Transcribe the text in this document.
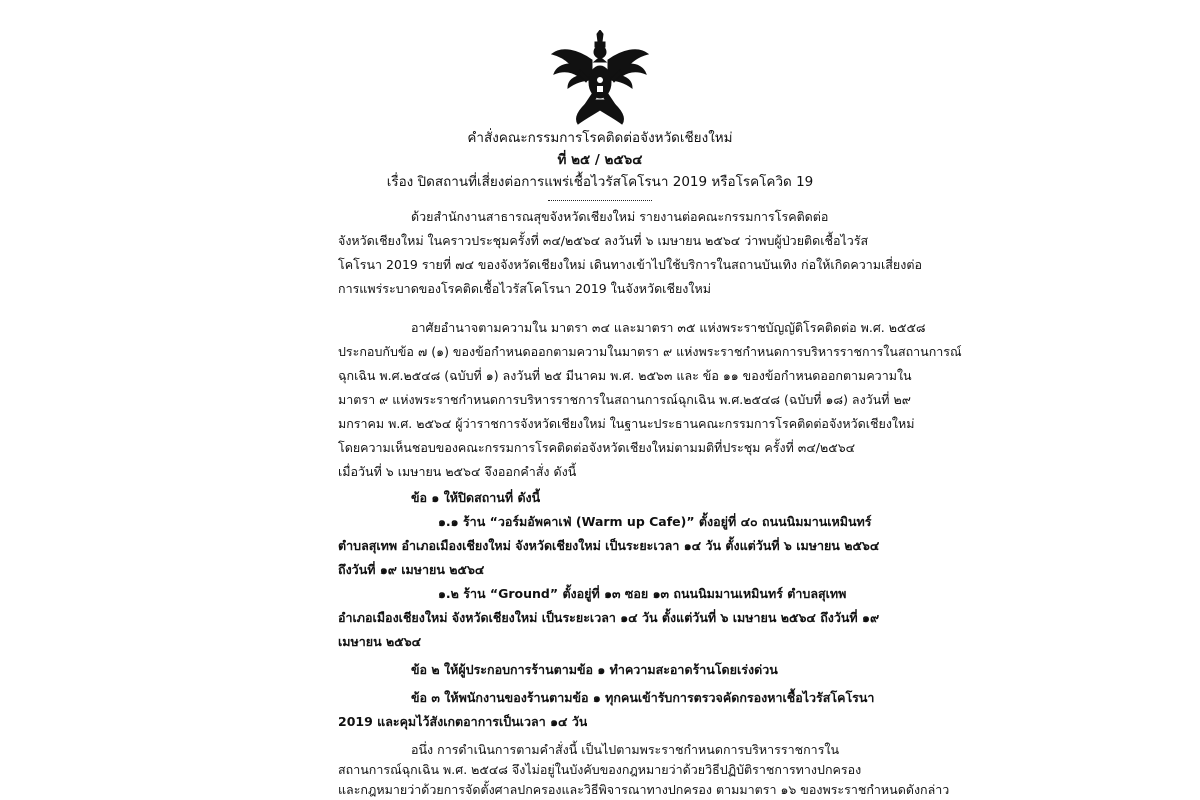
คำสั่งคณะกรรมการโรคติดต่อจังหวัดเชียงใหม่
ที่ ๒๕ / ๒๕๖๔
เรื่อง ปิดสถานที่เสี่ยงต่อการแพร่เชื้อไวรัสโคโรนา 2019 หรือโรคโควิด 19
ด้วยสำนักงานสาธารณสุขจังหวัดเชียงใหม่ รายงานต่อคณะกรรมการโรคติดต่อ
จังหวัดเชียงใหม่ ในคราวประชุมครั้งที่ ๓๔/๒๕๖๔ ลงวันที่ ๖ เมษายน ๒๕๖๔ ว่าพบผู้ป่วยติดเชื้อไวรัส
โคโรนา 2019 รายที่ ๗๔ ของจังหวัดเชียงใหม่ เดินทางเข้าไปใช้บริการในสถานบันเทิง ก่อให้เกิดความเสี่ยงต่อ
การแพร่ระบาดของโรคติดเชื้อไวรัสโคโรนา 2019 ในจังหวัดเชียงใหม่
อาศัยอำนาจตามความใน มาตรา ๓๔ และมาตรา ๓๕ แห่งพระราชบัญญัติโรคติดต่อ พ.ศ. ๒๕๕๘
ประกอบกับข้อ ๗ (๑) ของข้อกำหนดออกตามความในมาตรา ๙ แห่งพระราชกำหนดการบริหารราชการในสถานการณ์
ฉุกเฉิน พ.ศ.๒๕๔๘ (ฉบับที่ ๑) ลงวันที่ ๒๕ มีนาคม พ.ศ. ๒๕๖๓ และ ข้อ ๑๑ ของข้อกำหนดออกตามความใน
มาตรา ๙ แห่งพระราชกำหนดการบริหารราชการในสถานการณ์ฉุกเฉิน พ.ศ.๒๕๔๘ (ฉบับที่ ๑๘) ลงวันที่ ๒๙
มกราคม พ.ศ. ๒๕๖๔ ผู้ว่าราชการจังหวัดเชียงใหม่ ในฐานะประธานคณะกรรมการโรคติดต่อจังหวัดเชียงใหม่
โดยความเห็นชอบของคณะกรรมการโรคติดต่อจังหวัดเชียงใหม่ตามมติที่ประชุม ครั้งที่ ๓๔/๒๕๖๔
เมื่อวันที่ ๖ เมษายน ๒๕๖๔ จึงออกคำสั่ง ดังนี้
ข้อ ๑ ให้ปิดสถานที่ ดังนี้
๑.๑ ร้าน “วอร์มอัพคาเฟ่ (Warm up Cafe)” ตั้งอยู่ที่ ๔๐ ถนนนิมมานเหมินทร์
ตำบลสุเทพ อำเภอเมืองเชียงใหม่ จังหวัดเชียงใหม่ เป็นระยะเวลา ๑๔ วัน ตั้งแต่วันที่ ๖ เมษายน ๒๕๖๔
ถึงวันที่ ๑๙ เมษายน ๒๕๖๔
๑.๒ ร้าน “Ground” ตั้งอยู่ที่ ๑๓ ซอย ๑๓ ถนนนิมมานเหมินทร์ ตำบลสุเทพ
อำเภอเมืองเชียงใหม่ จังหวัดเชียงใหม่ เป็นระยะเวลา ๑๔ วัน ตั้งแต่วันที่ ๖ เมษายน ๒๕๖๔ ถึงวันที่ ๑๙
เมษายน ๒๕๖๔
ข้อ ๒ ให้ผู้ประกอบการร้านตามข้อ ๑ ทำความสะอาดร้านโดยเร่งด่วน
ข้อ ๓ ให้พนักงานของร้านตามข้อ ๑ ทุกคนเข้ารับการตรวจคัดกรองหาเชื้อไวรัสโคโรนา
2019 และคุมไว้สังเกตอาการเป็นเวลา ๑๔ วัน
อนึ่ง การดำเนินการตามคำสั่งนี้ เป็นไปตามพระราชกำหนดการบริหารราชการใน
สถานการณ์ฉุกเฉิน พ.ศ. ๒๕๔๘ จึงไม่อยู่ในบังคับของกฎหมายว่าด้วยวิธีปฏิบัติราชการทางปกครอง
และกฎหมายว่าด้วยการจัดตั้งศาลปกครองและวิธีพิจารณาทางปกครอง ตามมาตรา ๑๖ ของพระราชกำหนดดังกล่าว
